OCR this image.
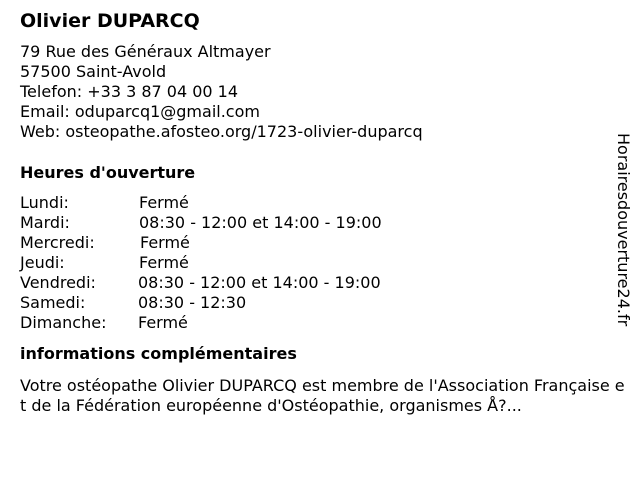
Olivier DUPARCQ
79 Rue des Généraux Altmayer
57500 Saint-Avold
Telefon: +33 3 87 04 00 14
Email: oduparcq1@gmail.com
Web: osteopathe.afosteo.org/1723-olivier-duparcq
Heures d'ouverture
Lundi:	Fermé
Mardi:	08:30 - 12:00 et 14:00 - 19:00
Mercredi:	Fermé
Jeudi:	Fermé
Vendredi:	08:30 - 12:00 et 14:00 - 19:00
Samedi:	08:30 - 12:30
Dimanche: Fermé
informations complémentaires
Votre ostéopathe Olivier DUPARCQ est membre de l'Association Française et de la Fédération européenne d'Ostéopathie, organismes Å?...
Horairesdouverture24.fr
